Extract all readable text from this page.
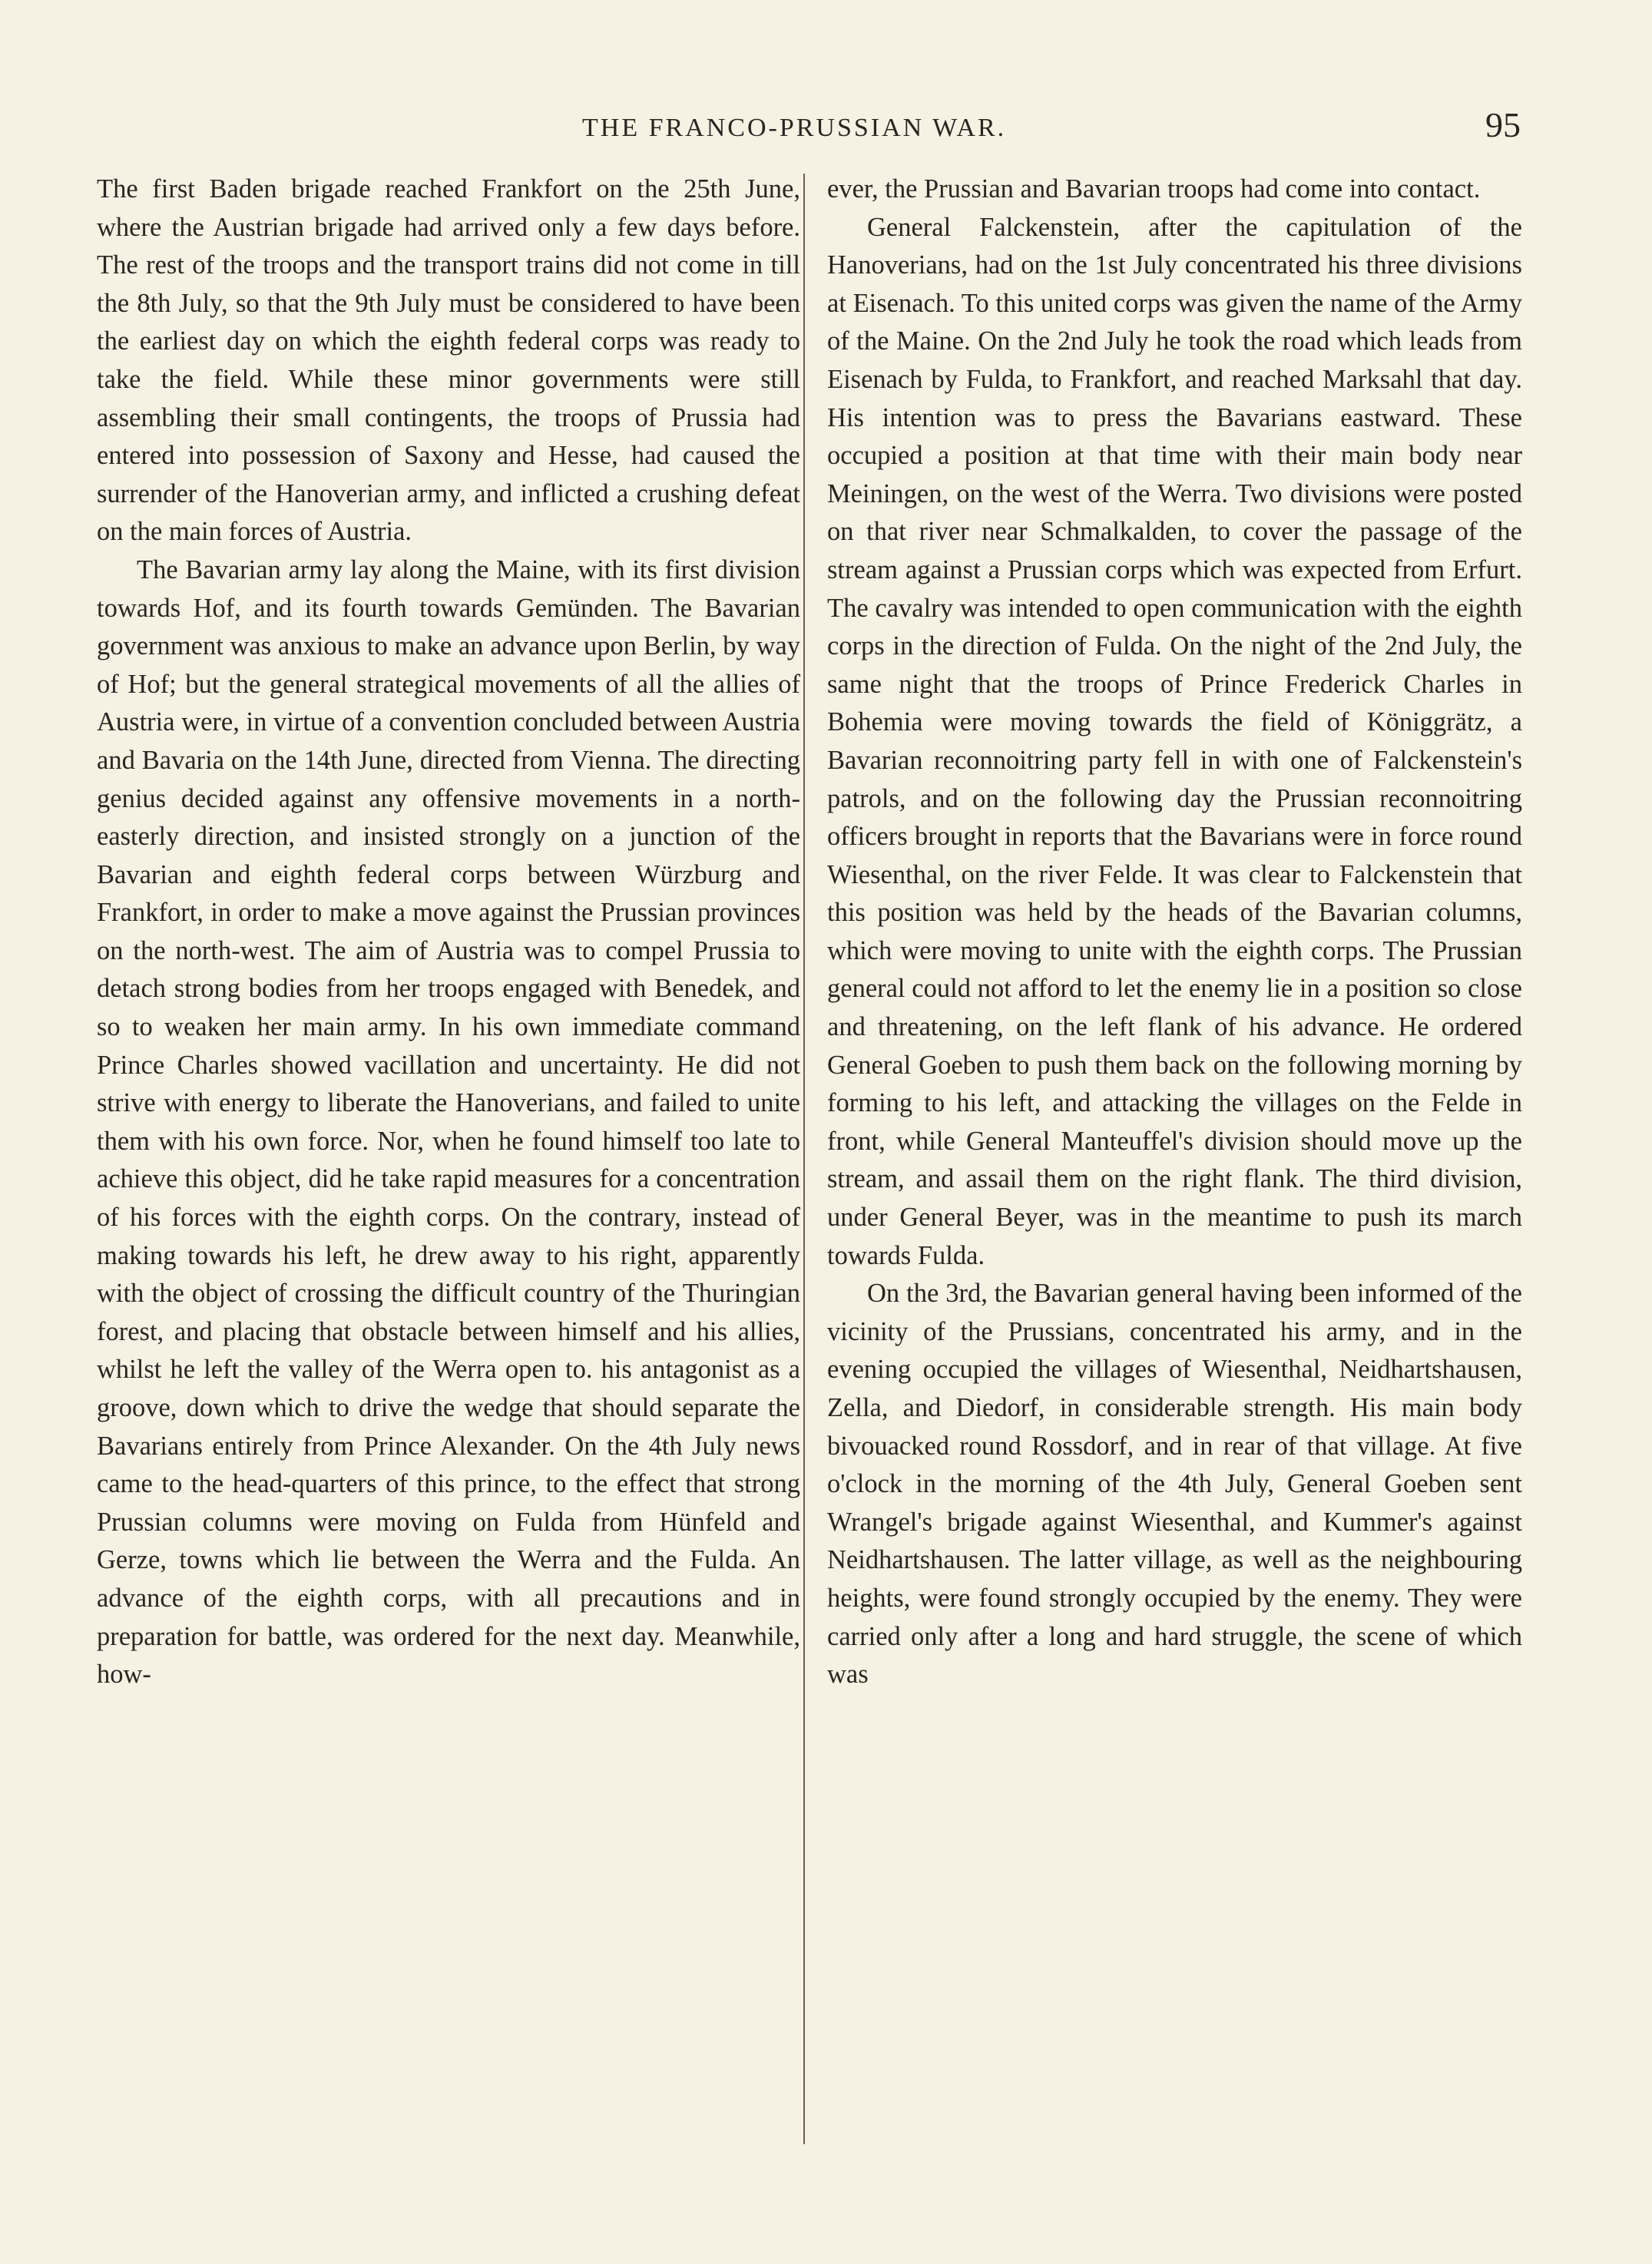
THE FRANCO-PRUSSIAN WAR.	95

The first Baden brigade reached Frankfort on the 25th June, where the Austrian brigade had arrived only a few days before. The rest of the troops and the transport trains did not come in till the 8th July, so that the 9th July must be considered to have been the earliest day on which the eighth federal corps was ready to take the field. While these minor governments were still assembling their small contingents, the troops of Prussia had entered into possession of Saxony and Hesse, had caused the surrender of the Hanoverian army, and inflicted a crushing defeat on the main forces of Austria.

The Bavarian army lay along the Maine, with its first division towards Hof, and its fourth towards Gemünden. The Bavarian government was anxious to make an advance upon Berlin, by way of Hof; but the general strategical movements of all the allies of Austria were, in virtue of a convention concluded between Austria and Bavaria on the 14th June, directed from Vienna. The directing genius decided against any offensive movements in a north-easterly direction, and insisted strongly on a junction of the Bavarian and eighth federal corps between Würzburg and Frankfort, in order to make a move against the Prussian provinces on the north-west. The aim of Austria was to compel Prussia to detach strong bodies from her troops engaged with Benedek, and so to weaken her main army. In his own immediate command Prince Charles showed vacillation and uncertainty. He did not strive with energy to liberate the Hanoverians, and failed to unite them with his own force. Nor, when he found himself too late to achieve this object, did he take rapid measures for a concentration of his forces with the eighth corps. On the contrary, instead of making towards his left, he drew away to his right, apparently with the object of crossing the difficult country of the Thuringian forest, and placing that obstacle between himself and his allies, whilst he left the valley of the Werra open to. his antagonist as a groove, down which to drive the wedge that should separate the Bavarians entirely from Prince Alexander. On the 4th July news came to the head-quarters of this prince, to the effect that strong Prussian columns were moving on Fulda from Hünfeld and Gerze, towns which lie between the Werra and the Fulda. An advance of the eighth corps, with all precautions and in preparation for battle, was ordered for the next day. Meanwhile, how-

ever, the Prussian and Bavarian troops had come into contact.

General Falckenstein, after the capitulation of the Hanoverians, had on the 1st July concentrated his three divisions at Eisenach. To this united corps was given the name of the Army of the Maine. On the 2nd July he took the road which leads from Eisenach by Fulda, to Frankfort, and reached Marksahl that day. His intention was to press the Bavarians eastward. These occupied a position at that time with their main body near Meiningen, on the west of the Werra. Two divisions were posted on that river near Schmalkalden, to cover the passage of the stream against a Prussian corps which was expected from Erfurt. The cavalry was intended to open communication with the eighth corps in the direction of Fulda. On the night of the 2nd July, the same night that the troops of Prince Frederick Charles in Bohemia were moving towards the field of Königgrätz, a Bavarian reconnoitring party fell in with one of Falckenstein's patrols, and on the following day the Prussian reconnoitring officers brought in reports that the Bavarians were in force round Wiesenthal, on the river Felde. It was clear to Falckenstein that this position was held by the heads of the Bavarian columns, which were moving to unite with the eighth corps. The Prussian general could not afford to let the enemy lie in a position so close and threatening, on the left flank of his advance. He ordered General Goeben to push them back on the following morning by forming to his left, and attacking the villages on the Felde in front, while General Manteuffel's division should move up the stream, and assail them on the right flank. The third division, under General Beyer, was in the meantime to push its march towards Fulda.

On the 3rd, the Bavarian general having been informed of the vicinity of the Prussians, concentrated his army, and in the evening occupied the villages of Wiesenthal, Neidhartshausen, Zella, and Diedorf, in considerable strength. His main body bivouacked round Rossdorf, and in rear of that village. At five o'clock in the morning of the 4th July, General Goeben sent Wrangel's brigade against Wiesenthal, and Kummer's against Neidhartshausen. The latter village, as well as the neighbouring heights, were found strongly occupied by the enemy. They were carried only after a long and hard struggle, the scene of which was
